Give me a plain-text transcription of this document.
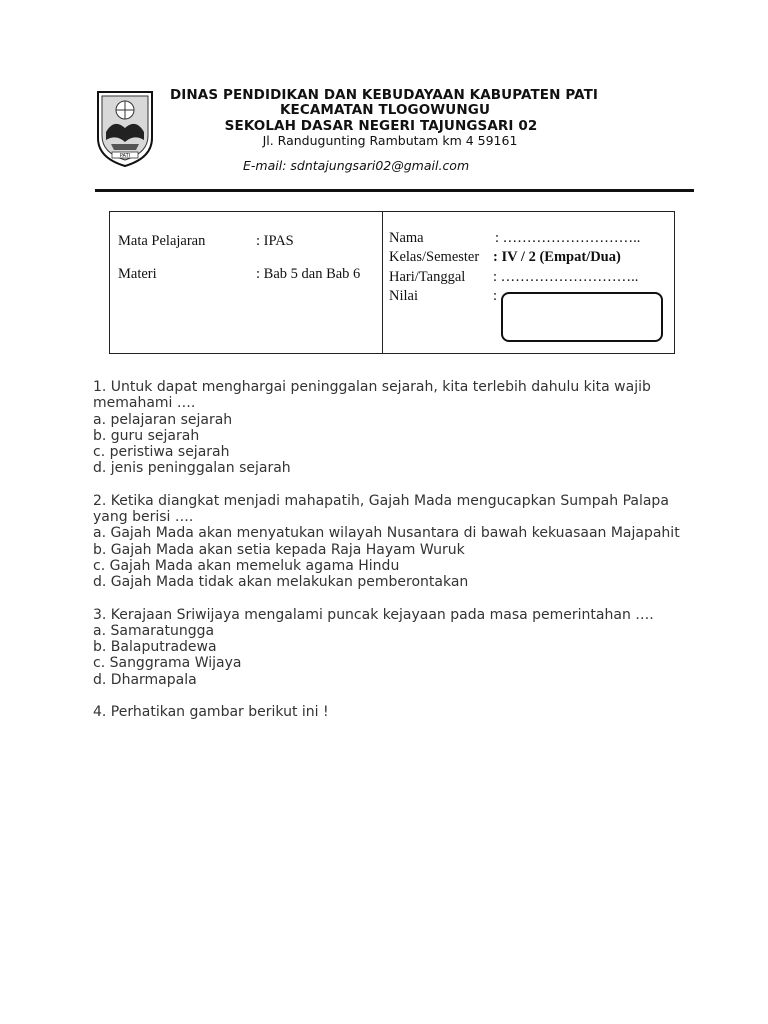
PATI
DINAS PENDIDIKAN DAN KEBUDAYAAN KABUPATEN PATI
KECAMATAN TLOGOWUNGU
SEKOLAH DASAR NEGERI TAJUNGSARI 02
Jl. Randugunting Rambutam km 4 59161
E-mail: sdntajungsari02@gmail.com
Mata Pelajaran	: IPAS
Materi	: Bab 5 dan Bab 6
Nama	: ………………………..
Kelas/Semester : IV / 2 (Empat/Dua)
Hari/Tanggal : ………………………..
Nilai	:

1. Untuk dapat menghargai peninggalan sejarah, kita terlebih dahulu kita wajib memahami ….

a. pelajaran sejarah

b. guru sejarah

c. peristiwa sejarah

d. jenis peninggalan sejarah

2. Ketika diangkat menjadi mahapatih, Gajah Mada mengucapkan Sumpah Palapa yang berisi ….

a. Gajah Mada akan menyatukan wilayah Nusantara di bawah kekuasaan Majapahit

b. Gajah Mada akan setia kepada Raja Hayam Wuruk

c. Gajah Mada akan memeluk agama Hindu

d. Gajah Mada tidak akan melakukan pemberontakan

3. Kerajaan Sriwijaya mengalami puncak kejayaan pada masa pemerintahan ….

a. Samaratungga

b. Balaputradewa

c. Sanggrama Wijaya

d. Dharmapala

4. Perhatikan gambar berikut ini !
